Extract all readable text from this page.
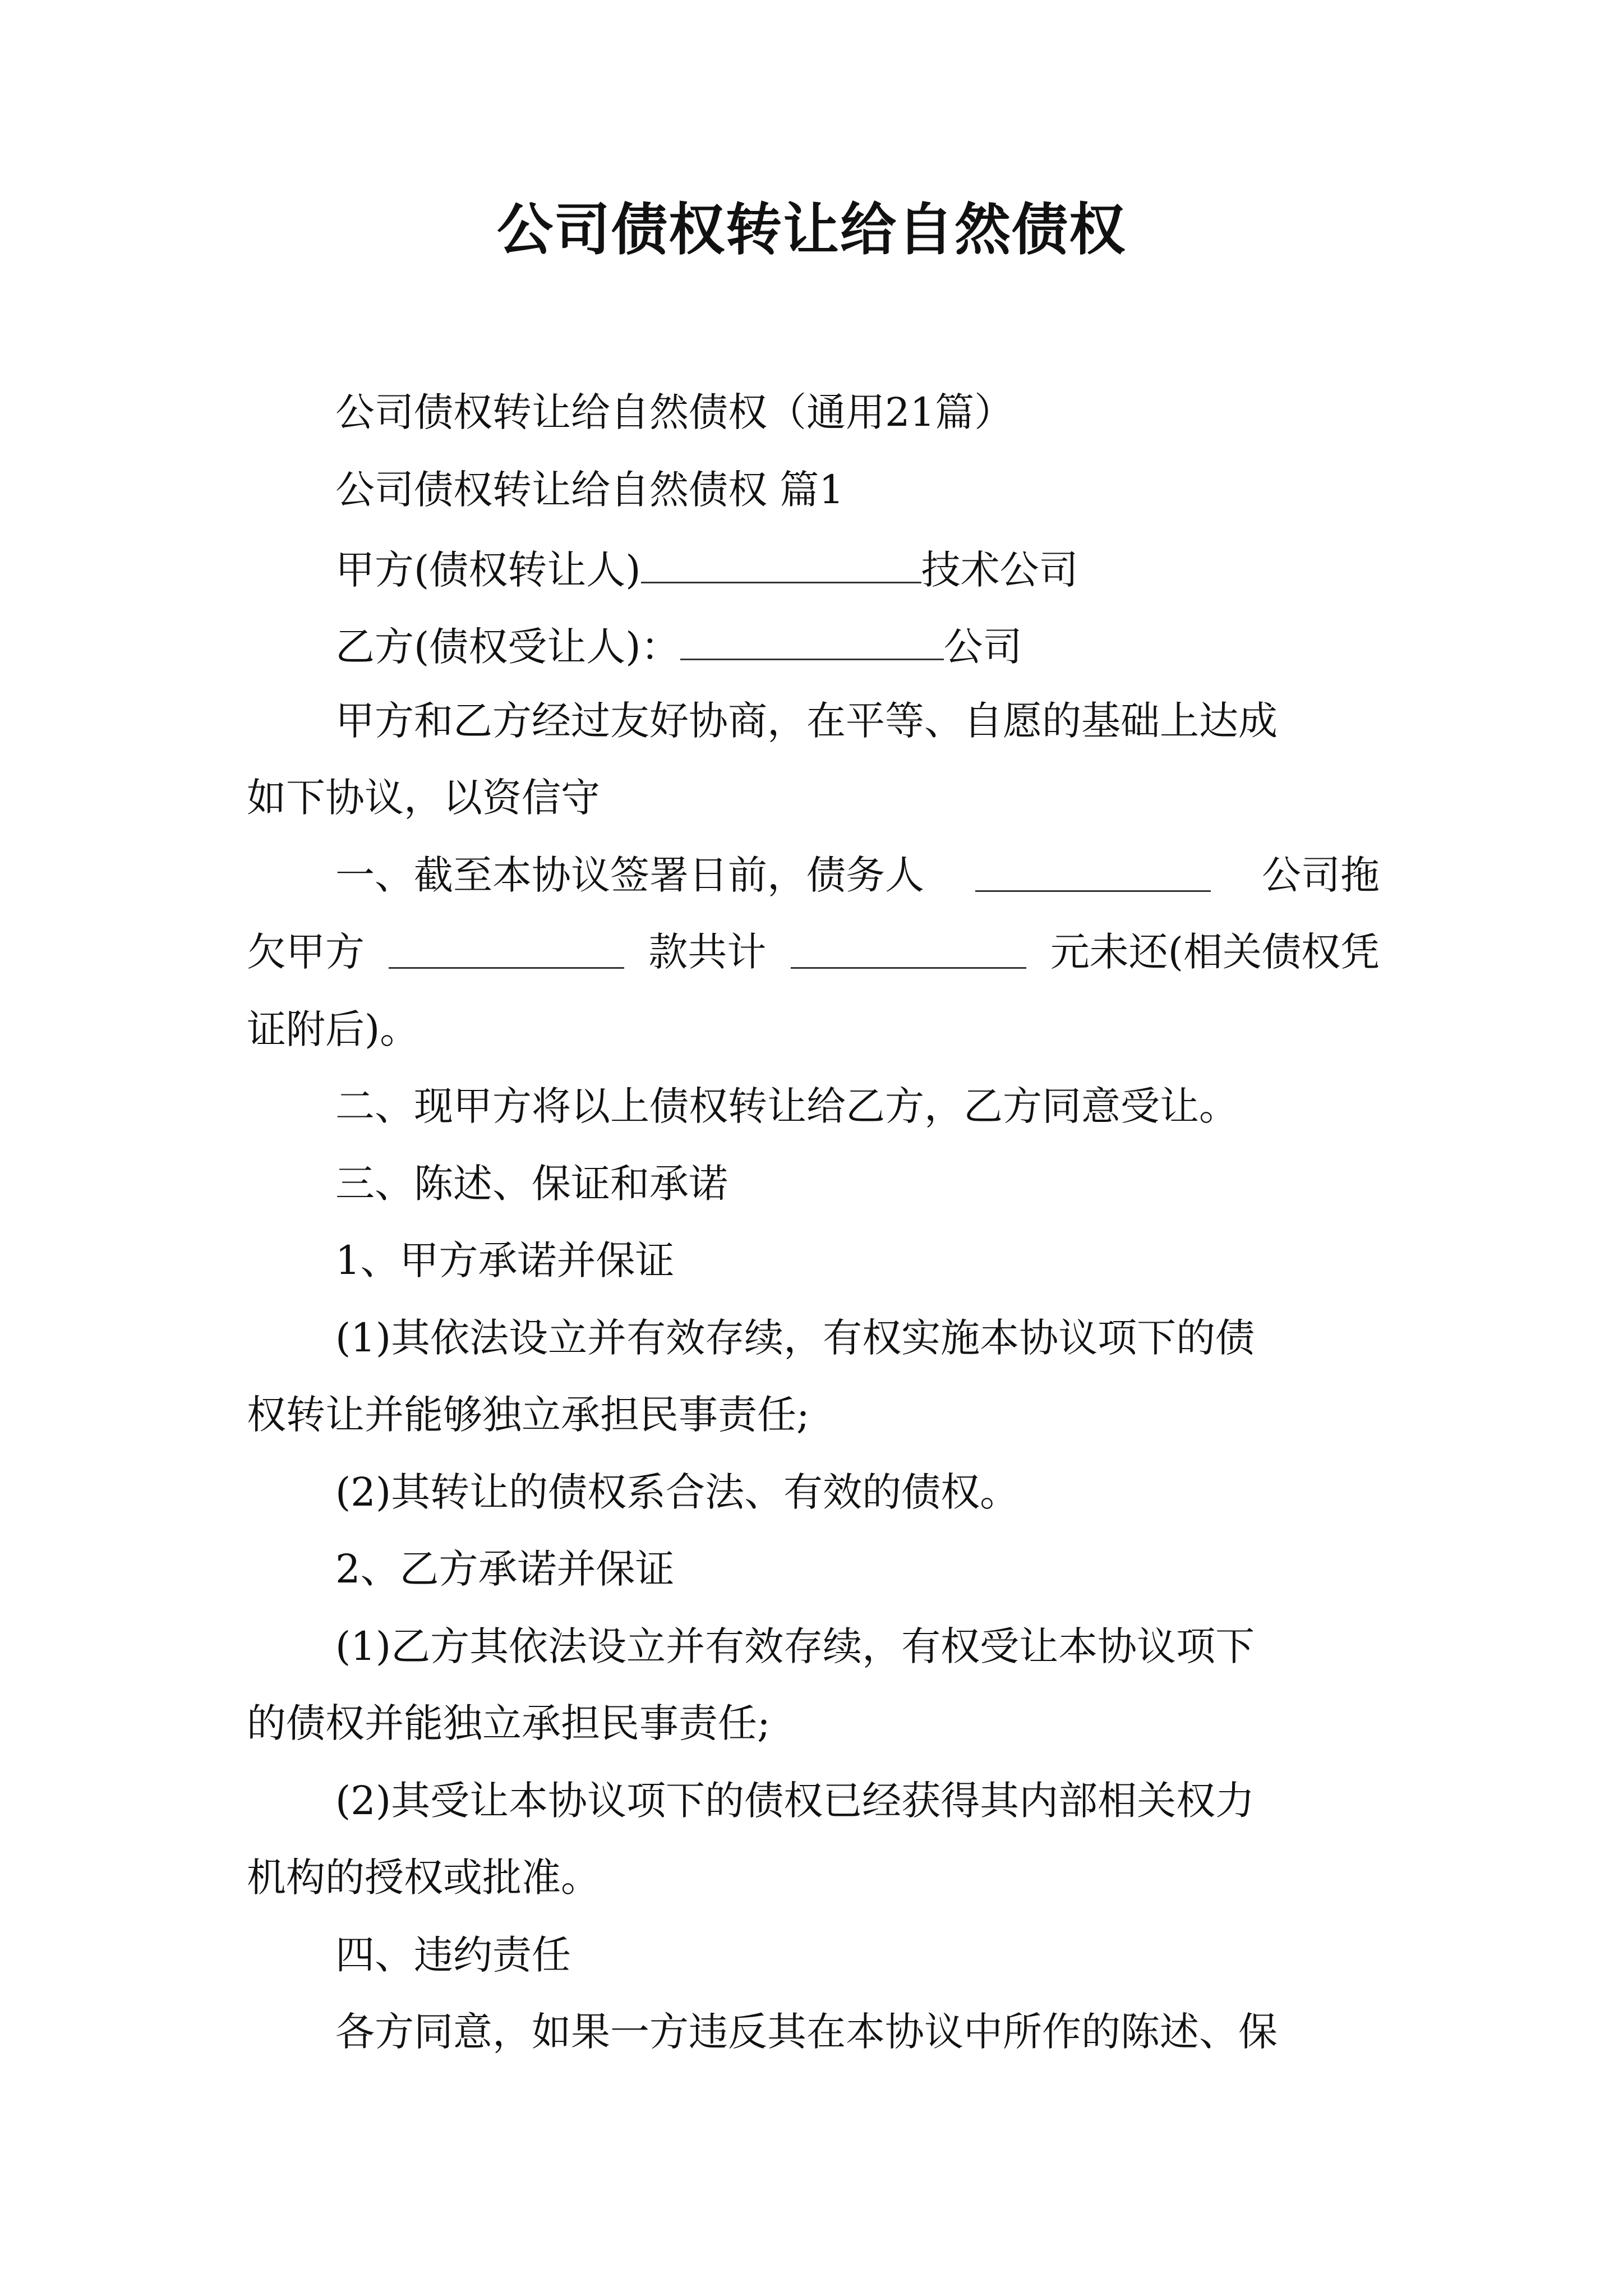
公司债权转让给自然债权
公司债权转让给自然债权（通用21篇）
公司债权转让给自然债权 篇1
甲方(债权转让人)	技术公司
乙方(债权受让人)：	公司
甲方和乙方经过友好协商，在平等、自愿的基础上达成
如下协议，以资信守
一、截至本协议签署日前，债务人	公司拖
欠甲方	款共计	元未还(相关债权凭
证附后)。
二、现甲方将以上债权转让给乙方，乙方同意受让。
三、陈述、保证和承诺
1、甲方承诺并保证
(1)其依法设立并有效存续，有权实施本协议项下的债
权转让并能够独立承担民事责任;
(2)其转让的债权系合法、有效的债权。
2、乙方承诺并保证
(1)乙方其依法设立并有效存续，有权受让本协议项下
的债权并能独立承担民事责任;
(2)其受让本协议项下的债权已经获得其内部相关权力
机构的授权或批准。
四、违约责任
各方同意，如果一方违反其在本协议中所作的陈述、保
